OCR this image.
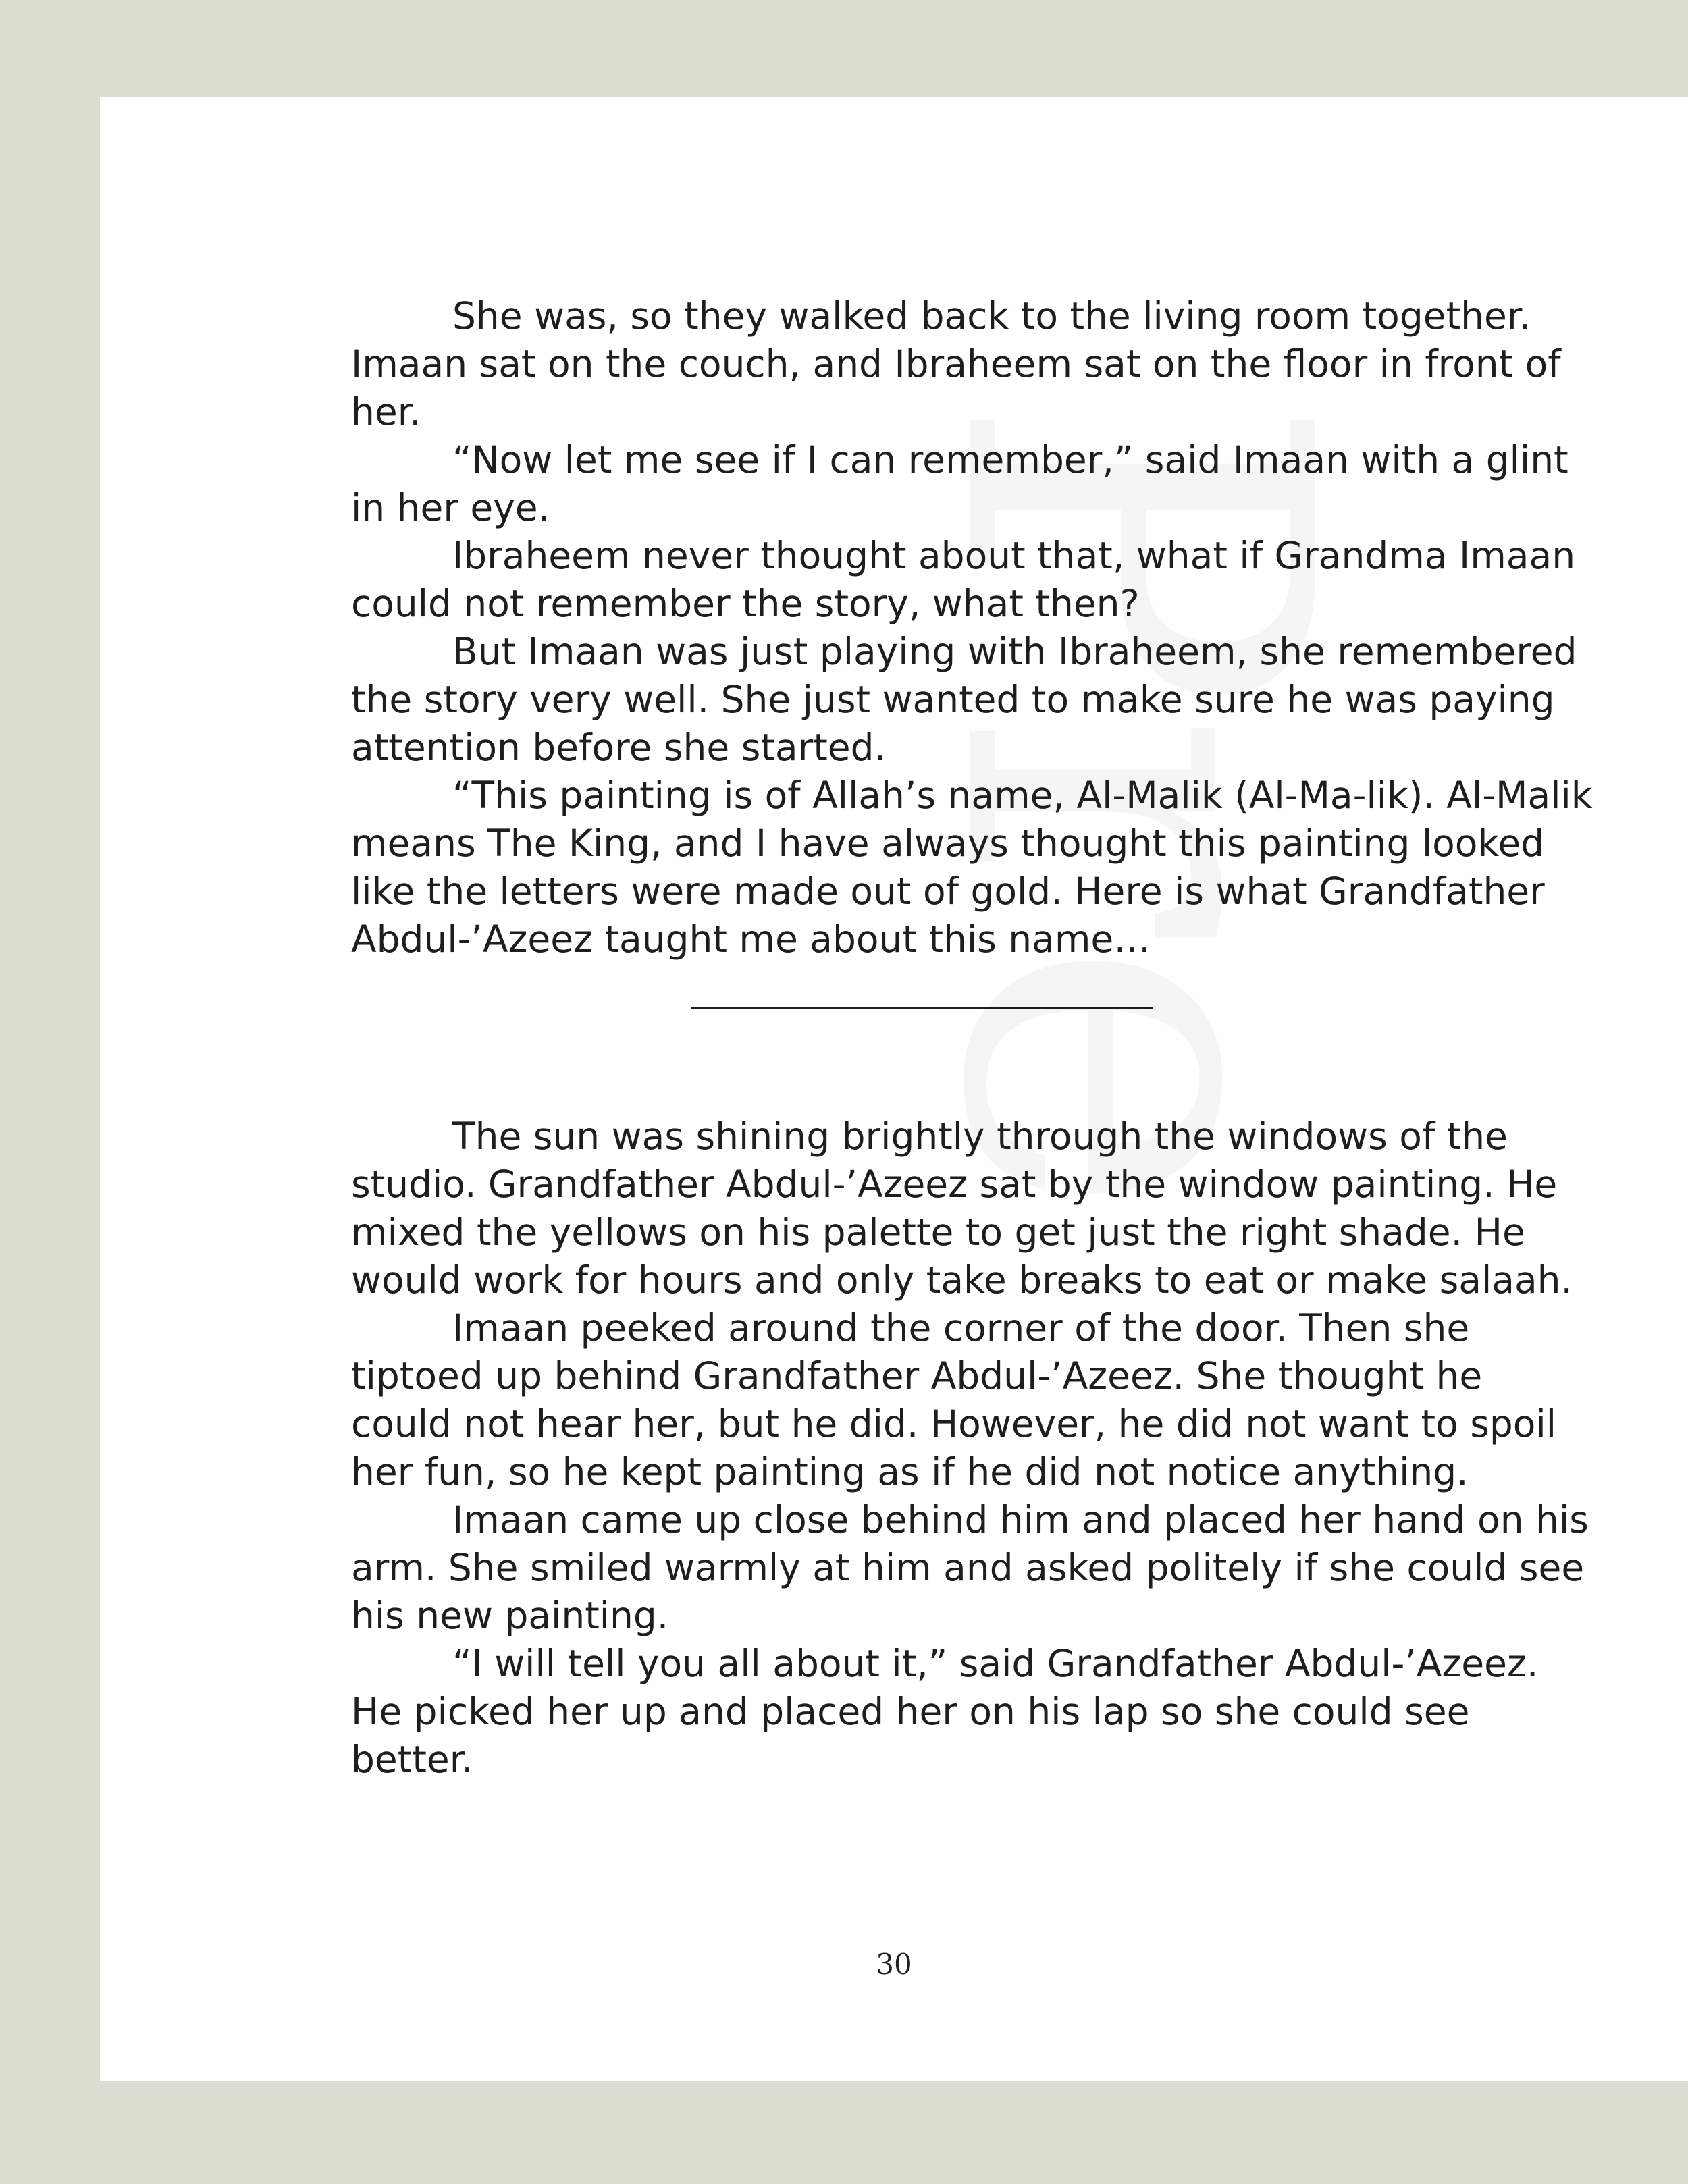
She was, so they walked back to the living room together. Imaan sat on the couch, and Ibraheem sat on the floor in front of her.

“Now let me see if I can remember,” said Imaan with a glint in her eye.

Ibraheem never thought about that, what if Grandma Imaan could not remember the story, what then?

But Imaan was just playing with Ibraheem, she remembered the story very well. She just wanted to make sure he was paying attention before she started.

“This painting is of Allah’s name, Al-Malik (Al-Ma-lik). Al-Malik means The King, and I have always thought this painting looked like the letters were made out of gold. Here is what Grandfather Abdul-’Azeez taught me about this name…

The sun was shining brightly through the windows of the studio. Grandfather Abdul-’Azeez sat by the window painting. He mixed the yellows on his palette to get just the right shade. He would work for hours and only take breaks to eat or make salaah.

Imaan peeked around the corner of the door. Then she tiptoed up behind Grandfather Abdul-’Azeez. She thought he could not hear her, but he did. However, he did not want to spoil her fun, so he kept painting as if he did not notice anything.

Imaan came up close behind him and placed her hand on his arm. She smiled warmly at him and asked politely if she could see his new painting.

“I will tell you all about it,” said Grandfather Abdul-’Azeez. He picked her up and placed her on his lap so she could see better.

30
